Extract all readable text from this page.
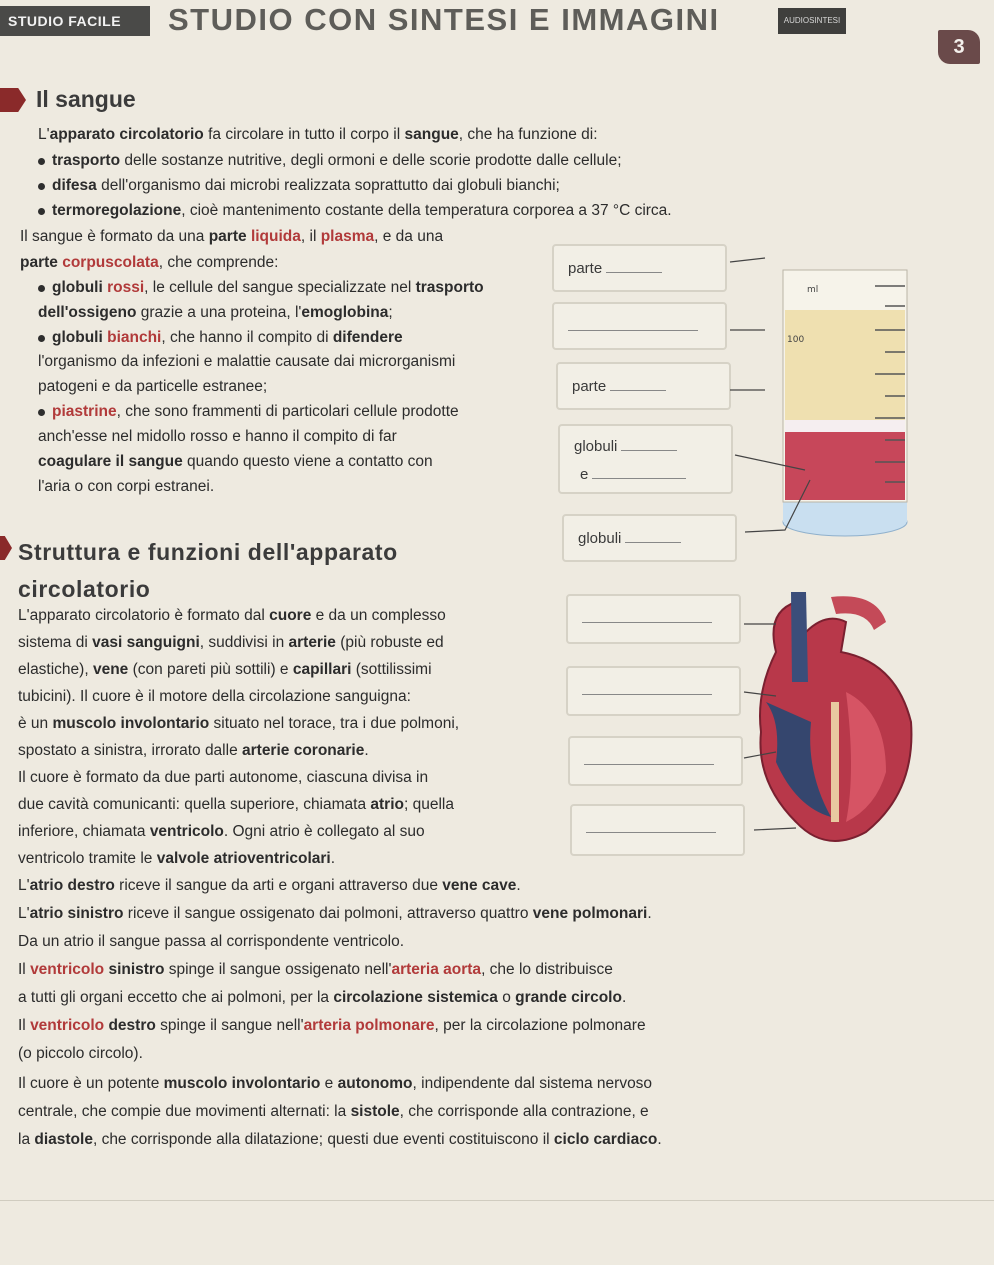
STUDIO FACILE	STUDIO CON SINTESI E IMMAGINI	AUDIOSINTESI
3
Il sangue
L'apparato circolatorio fa circolare in tutto il corpo il sangue, che ha funzione di:
trasporto delle sostanze nutritive, degli ormoni e delle scorie prodotte dalle cellule;
difesa dell'organismo dai microbi realizzata soprattutto dai globuli bianchi;
termoregolazione, cioè mantenimento costante della temperatura corporea a 37 °C circa.
Il sangue è formato da una parte liquida, il plasma, e da una
parte corpuscolata, che comprende:
globuli rossi, le cellule del sangue specializzate nel trasporto
dell'ossigeno grazie a una proteina, l'emoglobina;
globuli bianchi, che hanno il compito di difendere
l'organismo da infezioni e malattie causate dai microrganismi
patogeni e da particelle estranee;
piastrine, che sono frammenti di particolari cellule prodotte
anch'esse nel midollo rosso e hanno il compito di far
coagulare il sangue quando questo viene a contatto con
l'aria o con corpi estranei.
parte
parte
globuli
e
globuli
ml
100
Struttura e funzioni dell'apparato
circolatorio
L'apparato circolatorio è formato dal cuore e da un complesso
sistema di vasi sanguigni, suddivisi in arterie (più robuste ed
elastiche), vene (con pareti più sottili) e capillari (sottilissimi
tubicini). Il cuore è il motore della circolazione sanguigna:
è un muscolo involontario situato nel torace, tra i due polmoni,
spostato a sinistra, irrorato dalle arterie coronarie.
Il cuore è formato da due parti autonome, ciascuna divisa in
due cavità comunicanti: quella superiore, chiamata atrio; quella
inferiore, chiamata ventricolo. Ogni atrio è collegato al suo
ventricolo tramite le valvole atrioventricolari.
L'atrio destro riceve il sangue da arti e organi attraverso due vene cave.
L'atrio sinistro riceve il sangue ossigenato dai polmoni, attraverso quattro vene polmonari.
Da un atrio il sangue passa al corrispondente ventricolo.
Il ventricolo sinistro spinge il sangue ossigenato nell'arteria aorta, che lo distribuisce
a tutti gli organi eccetto che ai polmoni, per la circolazione sistemica o grande circolo.
Il ventricolo destro spinge il sangue nell'arteria polmonare, per la circolazione polmonare
(o piccolo circolo).
Il cuore è un potente muscolo involontario e autonomo, indipendente dal sistema nervoso
centrale, che compie due movimenti alternati: la sistole, che corrisponde alla contrazione, e
la diastole, che corrisponde alla dilatazione; questi due eventi costituiscono il ciclo cardiaco.
